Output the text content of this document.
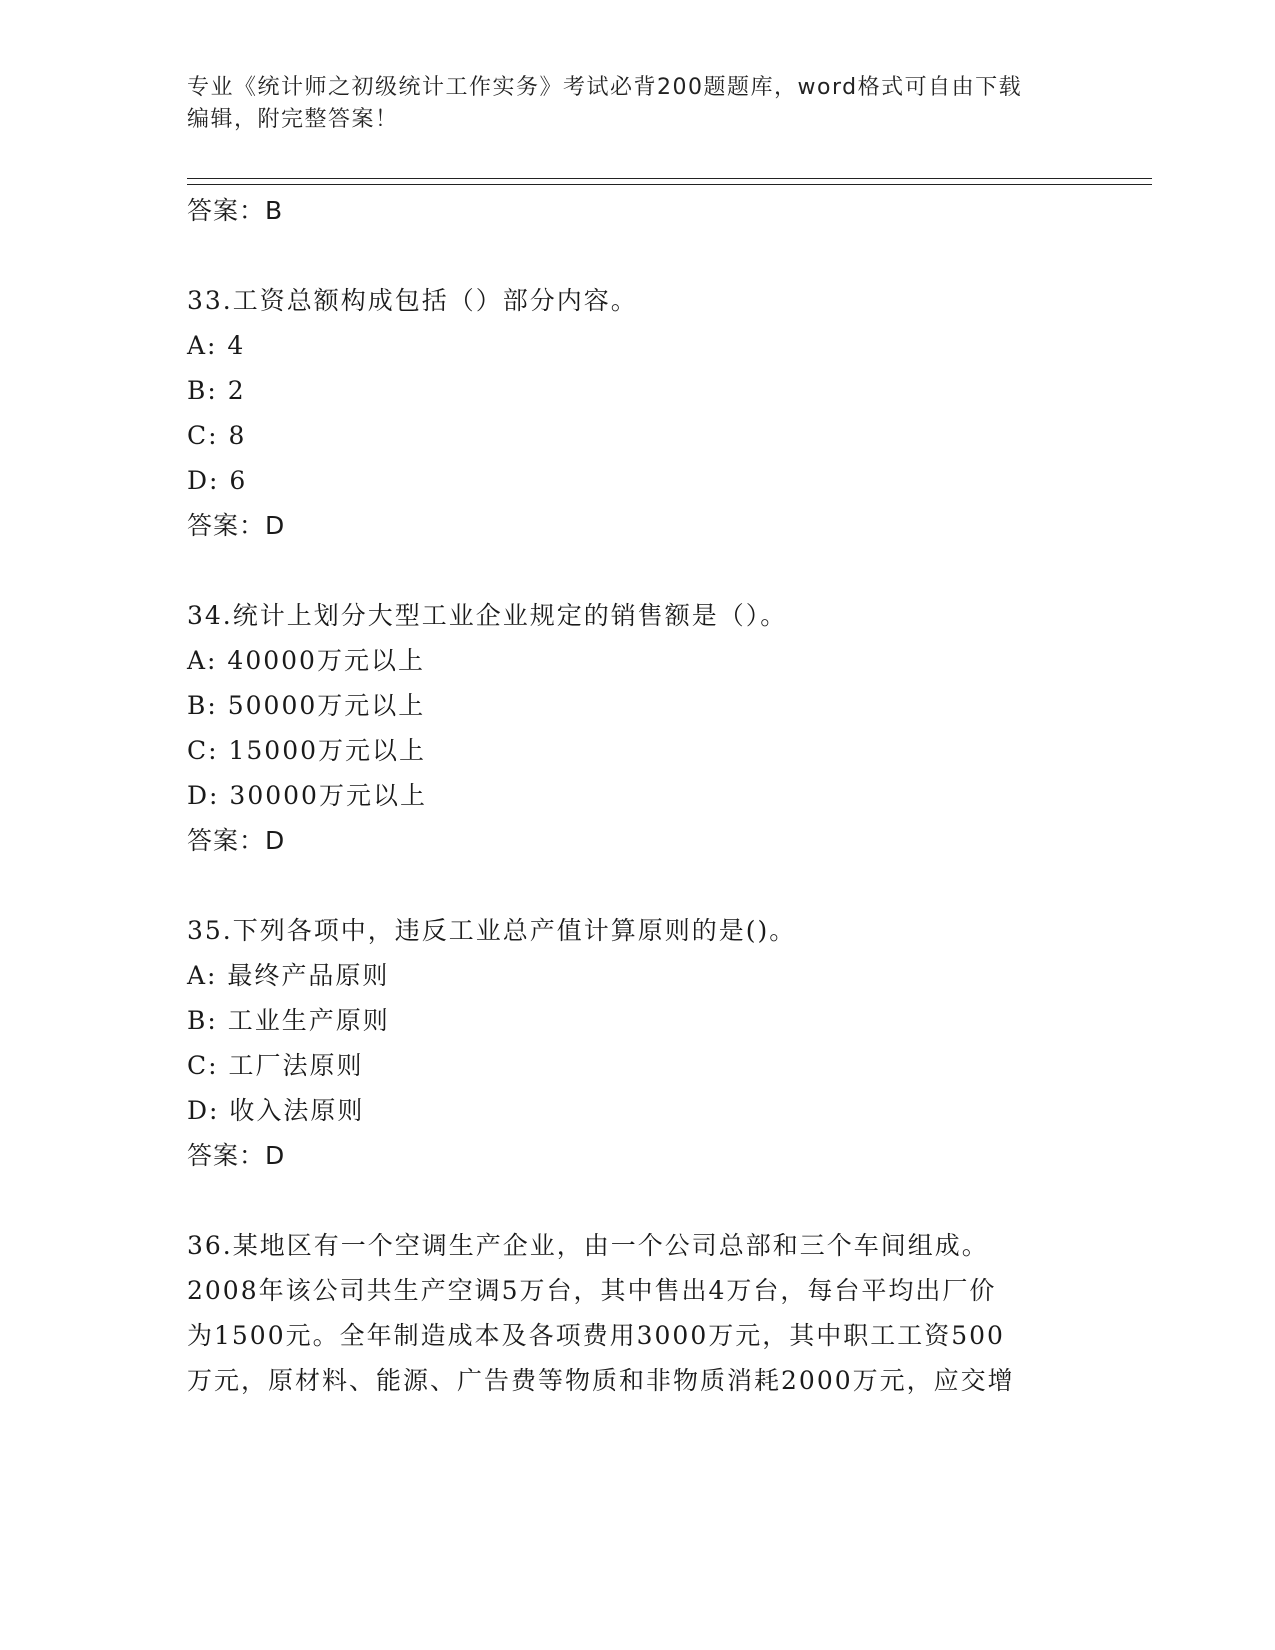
专业《统计师之初级统计工作实务》考试必背200题题库，word格式可自由下载
编辑，附完整答案！
答案：B
33.工资总额构成包括（）部分内容。
A: 4
B: 2
C: 8
D: 6
答案：D
34.统计上划分大型工业企业规定的销售额是（）。
A: 40000万元以上
B: 50000万元以上
C: 15000万元以上
D: 30000万元以上
答案：D
35.下列各项中，违反工业总产值计算原则的是()。
A: 最终产品原则
B: 工业生产原则
C: 工厂法原则
D: 收入法原则
答案：D
36.某地区有一个空调生产企业，由一个公司总部和三个车间组成。
2008年该公司共生产空调5万台，其中售出4万台，每台平均出厂价
为1500元。全年制造成本及各项费用3000万元，其中职工工资500
万元，原材料、能源、广告费等物质和非物质消耗2000万元，应交增
